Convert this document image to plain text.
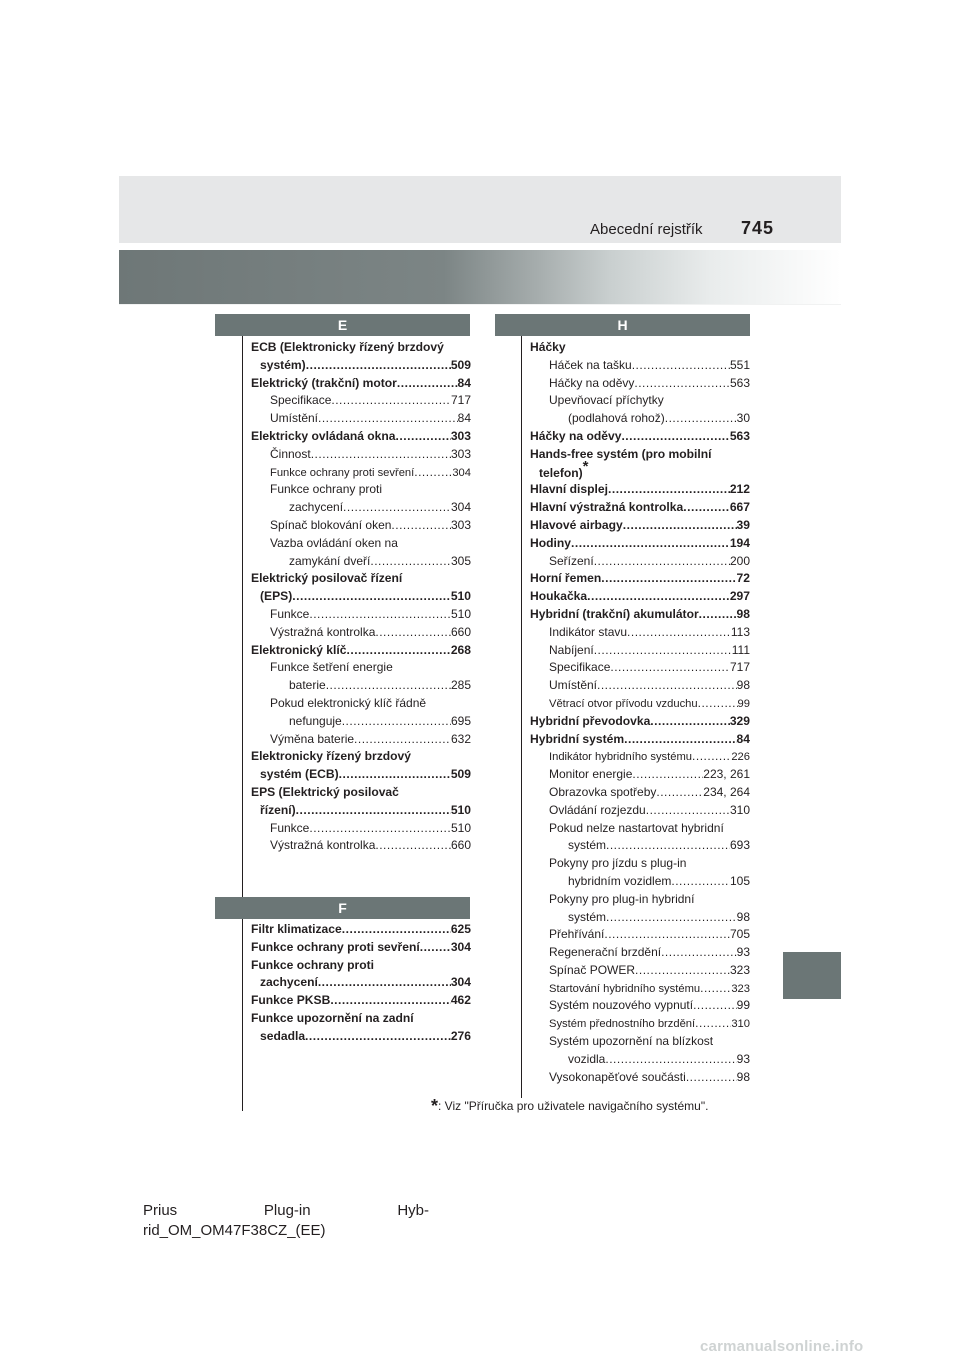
Abecední rejstřík 745
E	H
F
ECB (Elektronicky řízený brzdový
systém) .....	509
Elektrický (trakční) motor .....	84
Specifikace .....	717
Umístění .....	84
Elektricky ovládaná okna .....	303
Činnost .....	303
Funkce ochrany proti sevření .....	304
Funkce ochrany proti
zachycení .....	304
Spínač blokování oken .....	303
Vazba ovládání oken na
zamykání dveří .....	305
Elektrický posilovač řízení
(EPS) .....	510
Funkce .....	510
Výstražná kontrolka .....	660
Elektronický klíč .....	268
Funkce šetření energie
baterie .....	285
Pokud elektronický klíč řádně
nefunguje .....	695
Výměna baterie .....	632
Elektronicky řízený brzdový
systém (ECB) .....	509
EPS (Elektrický posilovač
řízení) .....	510
Funkce .....	510
Výstražná kontrolka .....	660
Filtr klimatizace .....	625
Funkce ochrany proti sevření .....	304
Funkce ochrany proti
zachycení .....	304
Funkce PKSB .....	462
Funkce upozornění na zadní
sedadla .....	276
Háčky
Háček na tašku .....	551
Háčky na oděvy .....	563
Upevňovací příchytky
(podlahová rohož) .....	30
Háčky na oděvy .....	563
Hands-free systém (pro mobilní
telefon) *
Hlavní displej .....	212
Hlavní výstražná kontrolka .....	667
Hlavové airbagy .....	39
Hodiny .....	194
Seřízení .....	200
Horní řemen .....	72
Houkačka .....	297
Hybridní (trakční) akumulátor .....	98
Indikátor stavu .....	113
Nabíjení .....	111
Specifikace .....	717
Umístění .....	98
Větrací otvor přívodu vzduchu .....	99
Hybridní převodovka .....	329
Hybridní systém .....	84
Indikátor hybridního systému .....	226
Monitor energie .....	223, 261
Obrazovka spotřeby .....	234, 264
Ovládání rozjezdu .....	310
Pokud nelze nastartovat hybridní
systém .....	693
Pokyny pro jízdu s plug-in
hybridním vozidlem .....	105
Pokyny pro plug-in hybridní
systém .....	98
Přehřívání .....	705
Regenerační brzdění .....	93
Spínač POWER .....	323
Startování hybridního systému .....	323
Systém nouzového vypnutí .....	99
Systém přednostního brzdění .....	310
Systém upozornění na blízkost
vozidla .....	93
Vysokonapěťové součásti .....	98
*: Viz "Příručka pro uživatele navigačního systému".
Prius	Plug-in	Hyb-
rid_OM_OM47F38CZ_(EE)
carmanualsonline.info
